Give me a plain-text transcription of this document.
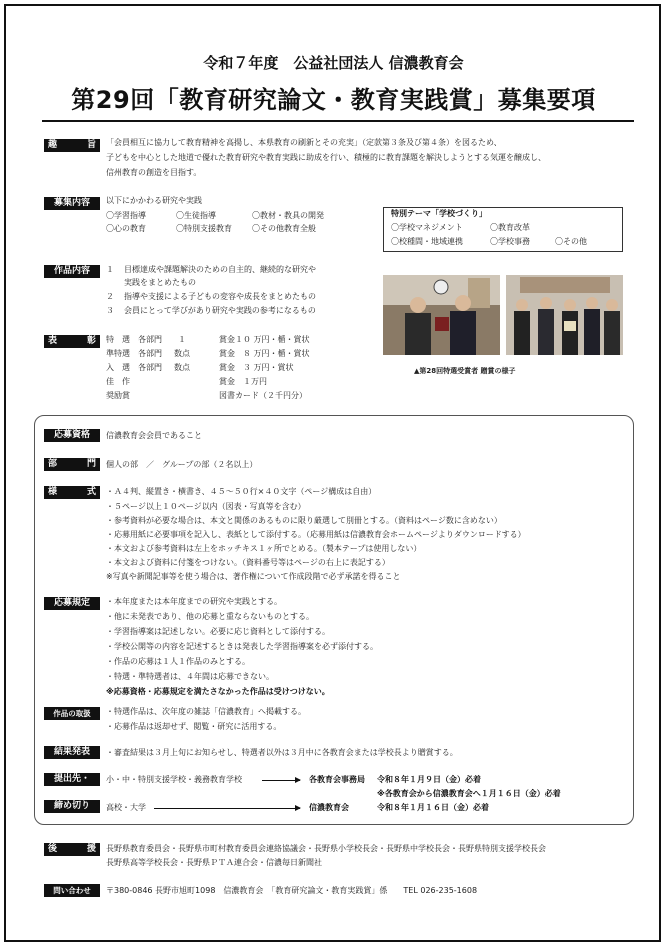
令和７年度　公益社団法人 信濃教育会
第29回「教育研究論文・教育実践賞」募集要項
趣	旨 「会員相互に協力して教育精神を高揚し、本県教育の刷新とその充実」（定款第３条及び第４条）を図るため、
子どもを中心とした地道で優れた教育研究や教育実践に助成を行い、積極的に教育課題を解決しようとする気運を醸成し、
信州教育の創造を目指す。
募集内容	以下にかかわる研究や実践
〇学習指導	〇生徒指導	〇教材・教具の開発
〇心の教育	〇特別支援教育	〇その他教育全般
特別テーマ「学校づくり」
〇学校マネジメント	〇教育改革
〇校種間・地域連携	〇学校事務	〇その他
作品内容	１ 目標達成や課題解決のための自主的、継続的な研究や
実践をまとめたもの
２ 指導や支援による子どもの変容や成長をまとめたもの
３ 会員にとって学びがあり研究や実践の参考になるもの
表	彰 特　選 各部門 １	賞金１０ 万円・楯・賞状
準特選 各部門 数点	賞金　８ 万円・楯・賞状
入　選 各部門 数点	賞金　３ 万円・賞状
佳　作	賞金　１万円
奨励賞	図書カード（２千円分）
▲第28回特選受賞者 贈賞の様子
応募資格	信濃教育会会員であること
部	門 個人の部　／　グループの部（２名以上）
様	式 ・Ａ４判、縦置き・横書き、４５～５０行×４０文字（ページ構成は自由）
・５ページ以上１０ページ以内（図表・写真等を含む）
・参考資料が必要な場合は、本文と関係のあるものに限り厳選して別冊とする。（資料はページ数に含めない）
・応募用紙に必要事項を記入し、表紙として添付する。（応募用紙は信濃教育会ホームページよりダウンロードする）
・本文および参考資料は左上をホッチキス１ヶ所でとめる。（製本テープは使用しない）
・本文および資料に付箋をつけない。（資料番号等はページの右上に表記する）
※写真や新聞記事等を使う場合は、著作権について作成段階で必ず承諾を得ること
応募規定	・本年度または本年度までの研究や実践とする。
・他に未発表であり、他の応募と重ならないものとする。
・学習指導案は記述しない。必要に応じ資料として添付する。
・学校公開等の内容を記述するときは発表した学習指導案を必ず添付する。
・作品の応募は１人１作品のみとする。
・特選・準特選者は、４年間は応募できない。
※応募資格・応募規定を満たさなかった作品は受けつけない。
作品の取扱	・特選作品は、次年度の雑誌「信濃教育」へ掲載する。
・応募作品は返却せず、閲覧・研究に活用する。
結果発表	・審査結果は３月上旬にお知らせし、特選者以外は３月中に各教育会または学校長より贈賞する。
提出先・
締め切り
小・中・特別支援学校・義務教育学校	各教育会事務局 令和８年１月９日（金）必着
※各教育会から信濃教育会へ１月１６日（金）必着
高校・大学	信濃教育会	令和８年１月１６日（金）必着
後	援 長野県教育委員会・長野県市町村教育委員会連絡協議会・長野県小学校長会・長野県中学校長会・長野県特別支援学校長会
長野県高等学校長会・長野県ＰＴＡ連合会・信濃毎日新聞社
問い合わせ	〒380-0846 長野市旭町1098　信濃教育会　「教育研究論文・教育実践賞」係　　TEL 026-235-1608
